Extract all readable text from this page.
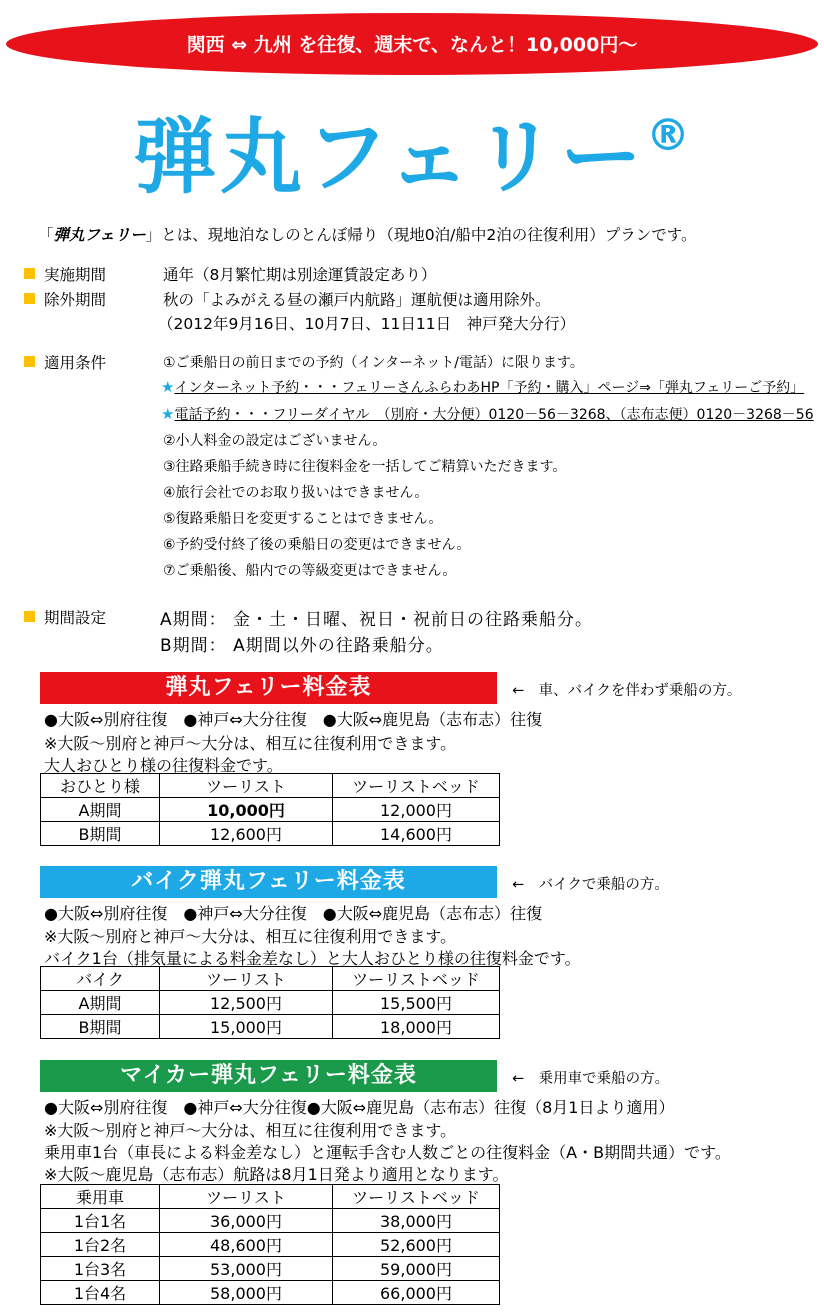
関西 ⇔ 九州 を往復、週末で、なんと！10,000円〜
弾丸フェリー®
「弾丸フェリー」とは、現地泊なしのとんぼ帰り（現地0泊/船中2泊の往復利用）プランです。
実施期間	通年（8月繁忙期は別途運賃設定あり）
除外期間	秋の「よみがえる昼の瀬戸内航路」運航便は適用除外。
（2012年9月16日、10月7日、11日11日　神戸発大分行）
適用条件	①ご乗船日の前日までの予約（インターネット/電話）に限ります。
★インターネット予約・・・フェリーさんふらわあHP「予約・購入」ページ⇒「弾丸フェリーご予約」
★電話予約・・・フリーダイヤル　（別府・大分便）0120－56－3268、（志布志便）0120－3268－56
②小人料金の設定はございません。
③往路乗船手続き時に往復料金を一括してご精算いただきます。
④旅行会社でのお取り扱いはできません。
⑤復路乗船日を変更することはできません。
⑥予約受付終了後の乗船日の変更はできません。
⑦ご乗船後、船内での等級変更はできません。
期間設定	A期間： 金・土・日曜、祝日・祝前日の往路乗船分。
B期間： A期間以外の往路乗船分。
弾丸フェリー料金表	←　車、バイクを伴わず乗船の方。
●大阪⇔別府往復　●神戸⇔大分往復　●大阪⇔鹿児島（志布志）往復
※大阪〜別府と神戸〜大分は、相互に往復利用できます。
大人おひとり様の往復料金です。
おひとり様	ツーリスト	ツーリストベッド
A期間	10,000円	12,000円
B期間	12,600円	14,600円
バイク弾丸フェリー料金表	←　バイクで乗船の方。
●大阪⇔別府往復　●神戸⇔大分往復　●大阪⇔鹿児島（志布志）往復
※大阪〜別府と神戸〜大分は、相互に往復利用できます。
バイク1台（排気量による料金差なし）と大人おひとり様の往復料金です。
バイク	ツーリスト	ツーリストベッド
A期間	12,500円	15,500円
B期間	15,000円	18,000円
マイカー弾丸フェリー料金表	←　乗用車で乗船の方。
●大阪⇔別府往復　●神戸⇔大分往復●大阪⇔鹿児島（志布志）往復（8月1日より適用）
※大阪〜別府と神戸〜大分は、相互に往復利用できます。
乗用車1台（車長による料金差なし）と運転手含む人数ごとの往復料金（A・B期間共通）です。
※大阪〜鹿児島（志布志）航路は8月1日発より適用となります。
乗用車	ツーリスト	ツーリストベッド
1台1名	36,000円	38,000円
1台2名	48,600円	52,600円
1台3名	53,000円	59,000円
1台4名	58,000円	66,000円
